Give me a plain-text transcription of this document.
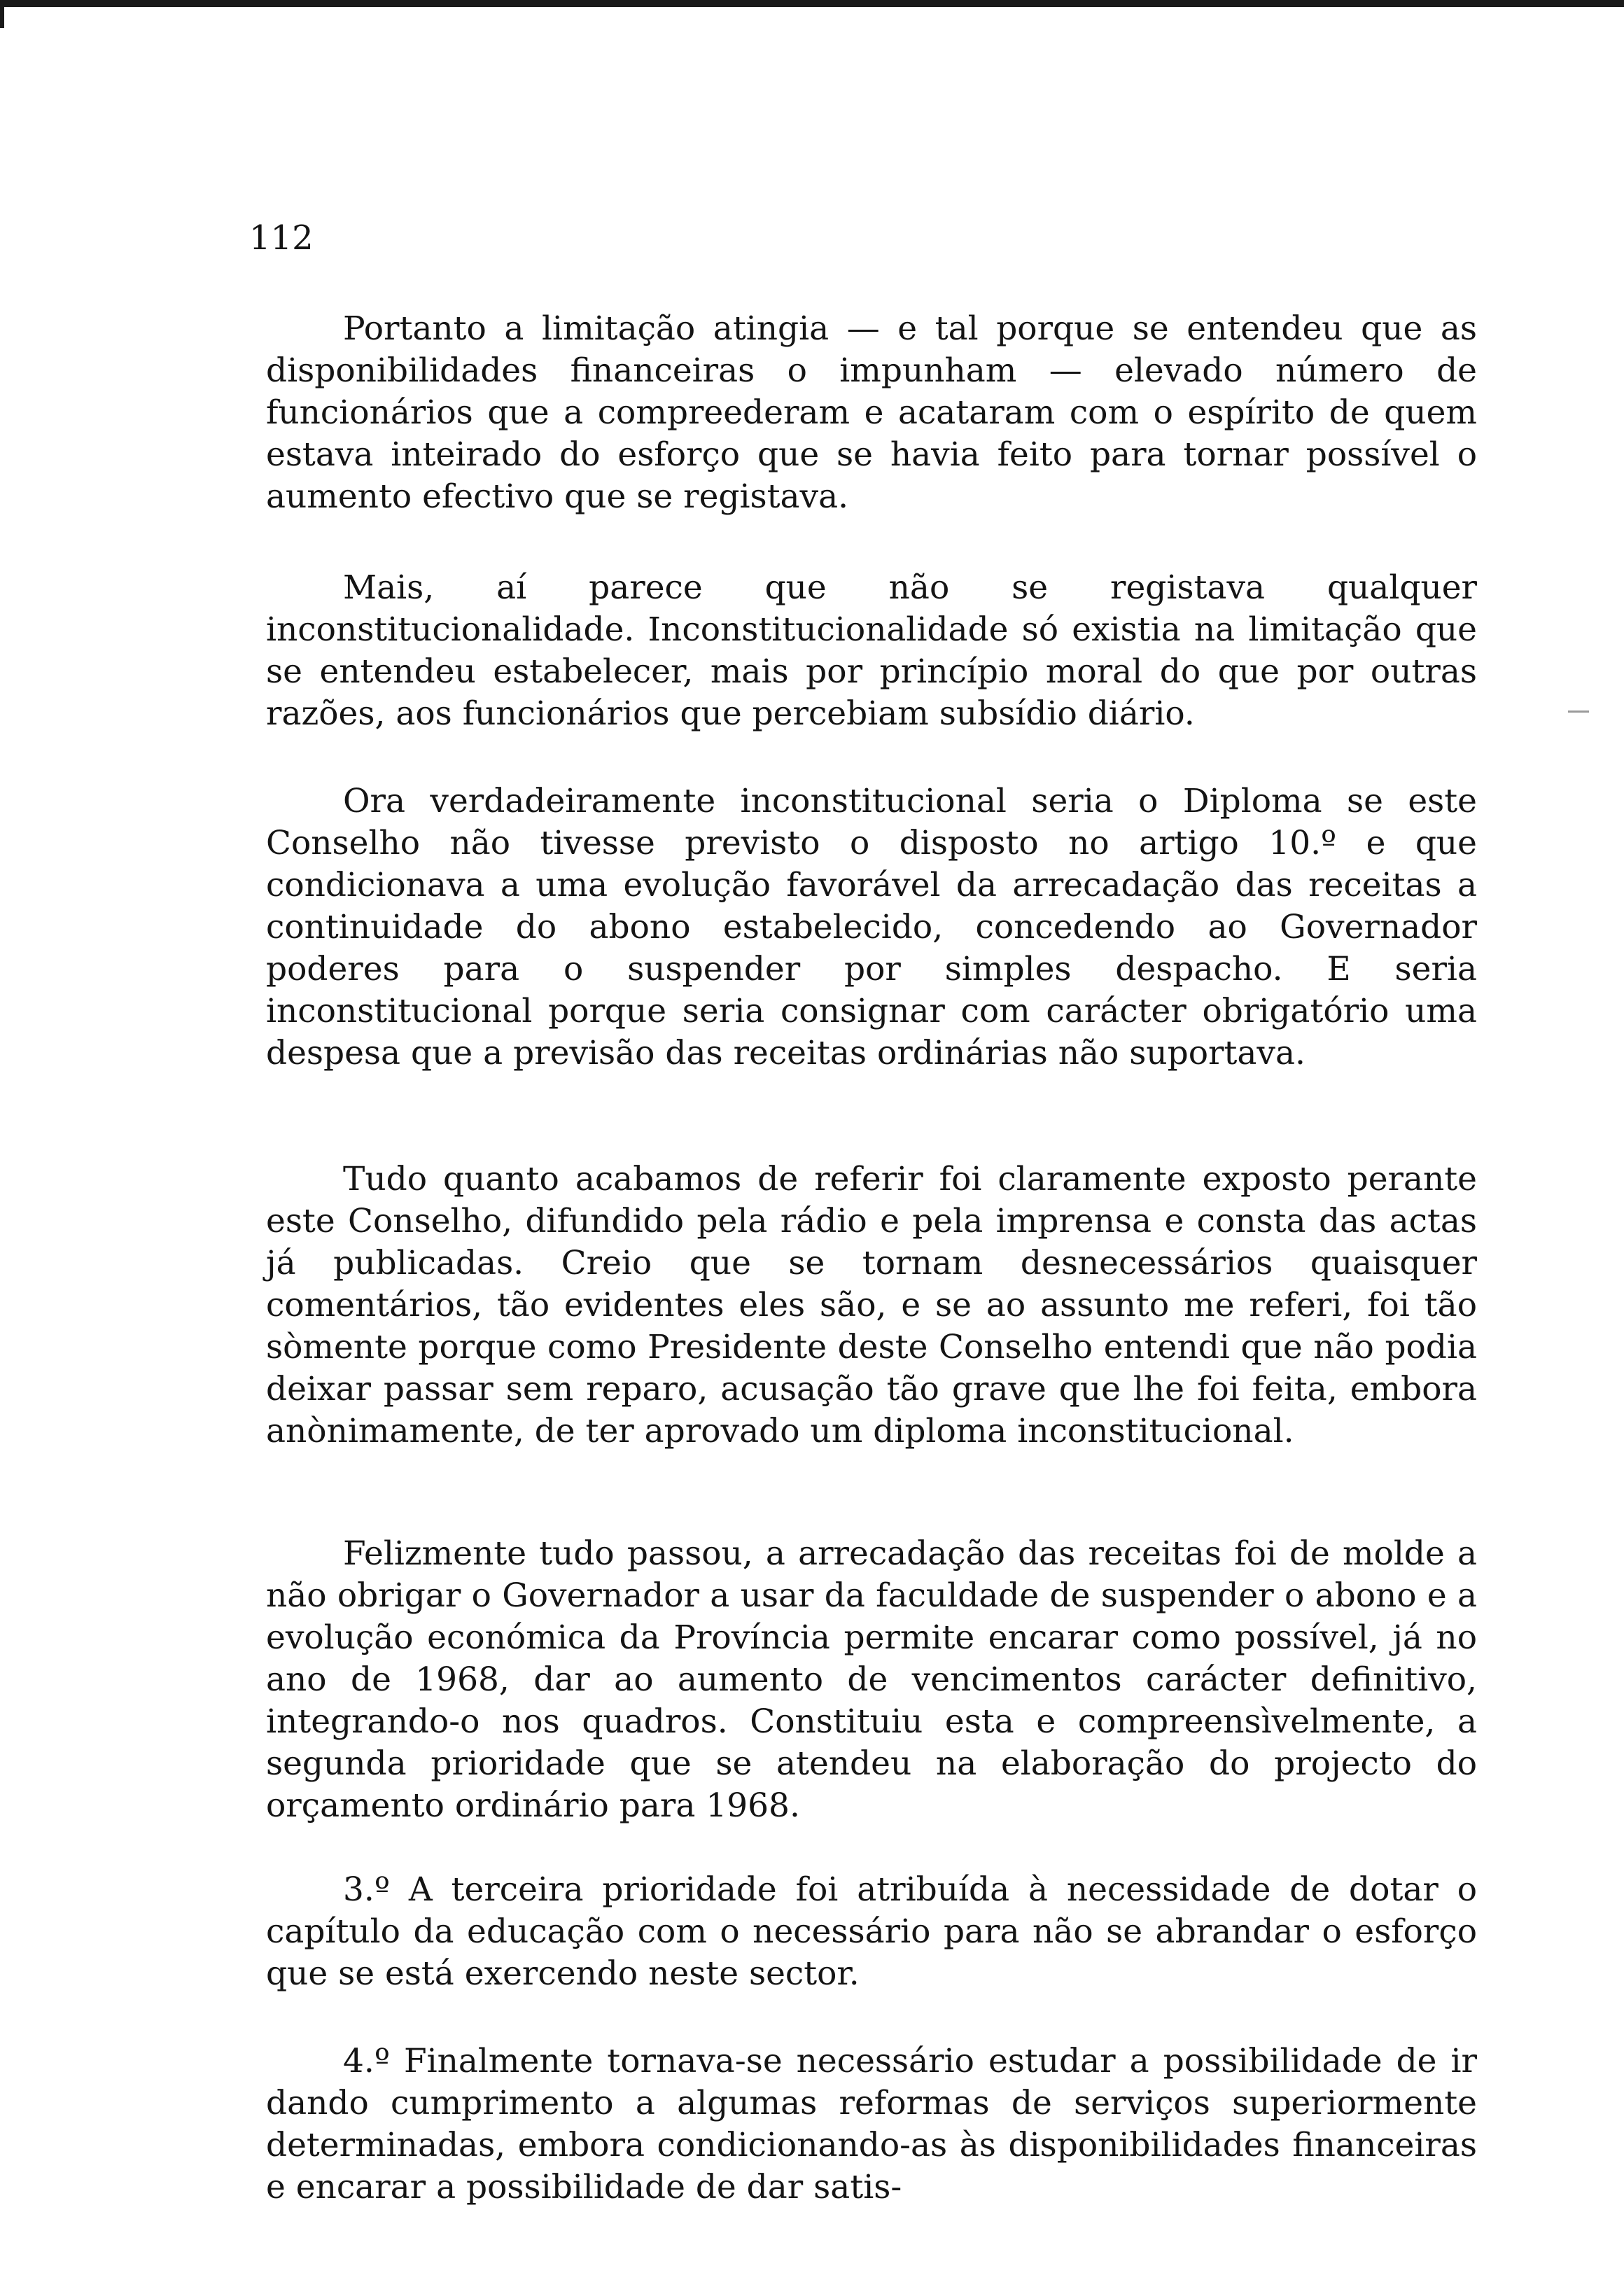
112

Portanto a limitação atingia — e tal porque se entendeu que as disponibilidades financeiras o impunham — elevado número de funcionários que a compreederam e acataram com o espírito de quem estava inteirado do esforço que se havia feito para tornar possível o aumento efectivo que se registava.

Mais, aí parece que não se registava qualquer inconstitucionalidade. Inconstitucionalidade só existia na limitação que se entendeu estabelecer, mais por princípio moral do que por outras razões, aos funcionários que percebiam subsídio diário.

Ora verdadeiramente inconstitucional seria o Diploma se este Conselho não tivesse previsto o disposto no artigo 10.º e que condicionava a uma evolução favorável da arrecadação das receitas a continuidade do abono estabelecido, concedendo ao Governador poderes para o suspender por simples despacho. E seria inconstitucional porque seria consignar com carácter obrigatório uma despesa que a previsão das receitas ordinárias não suportava.

Tudo quanto acabamos de referir foi claramente exposto perante este Conselho, difundido pela rádio e pela imprensa e consta das actas já publicadas. Creio que se tornam desnecessários quaisquer comentários, tão evidentes eles são, e se ao assunto me referi, foi tão sòmente porque como Presidente deste Conselho entendi que não podia deixar passar sem reparo, acusação tão grave que lhe foi feita, embora anònimamente, de ter aprovado um diploma inconstitucional.

Felizmente tudo passou, a arrecadação das receitas foi de molde a não obrigar o Governador a usar da faculdade de suspender o abono e a evolução económica da Província permite encarar como possível, já no ano de 1968, dar ao aumento de vencimentos carácter definitivo, integrando-o nos quadros. Constituiu esta e compreensìvelmente, a segunda prioridade que se atendeu na elaboração do projecto do orçamento ordinário para 1968.

3.º A terceira prioridade foi atribuída à necessidade de dotar o capítulo da educação com o necessário para não se abrandar o esforço que se está exercendo neste sector.

4.º Finalmente tornava-se necessário estudar a possibilidade de ir dando cumprimento a algumas reformas de serviços superiormente determinadas, embora condicionando-as às disponibilidades financeiras e encarar a possibilidade de dar satis-
